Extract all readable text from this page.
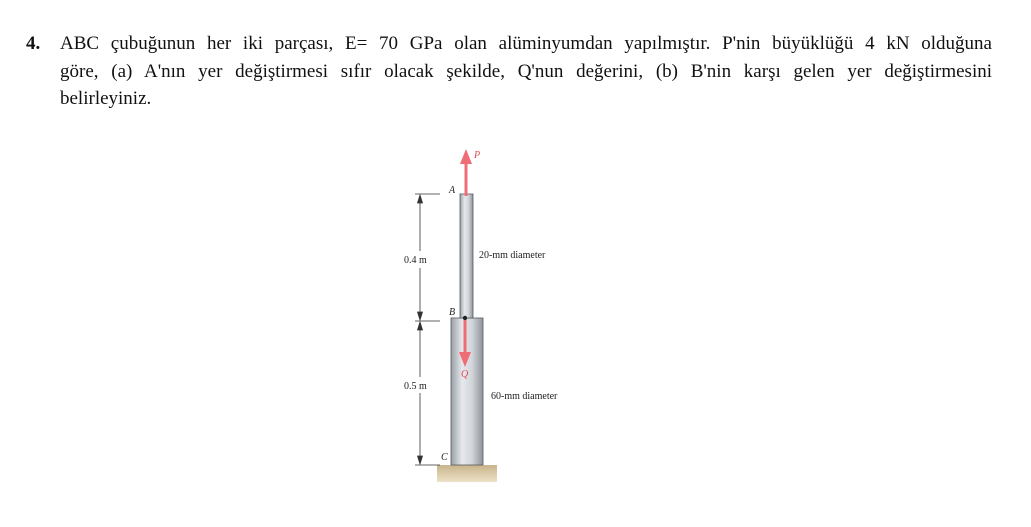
4. ABC çubuğunun her iki parçası, E= 70 GPa olan alüminyumdan yapılmıştır. P'nin büyüklüğü 4 kN olduğuna
göre, (a) A'nın yer değiştirmesi sıfır olacak şekilde, Q'nun değerini, (b) B'nin karşı gelen yer değiştirmesini
belirleyiniz.
P
Q
A
B
C
20-mm diameter
60-mm diameter
0.4 m
0.5 m
